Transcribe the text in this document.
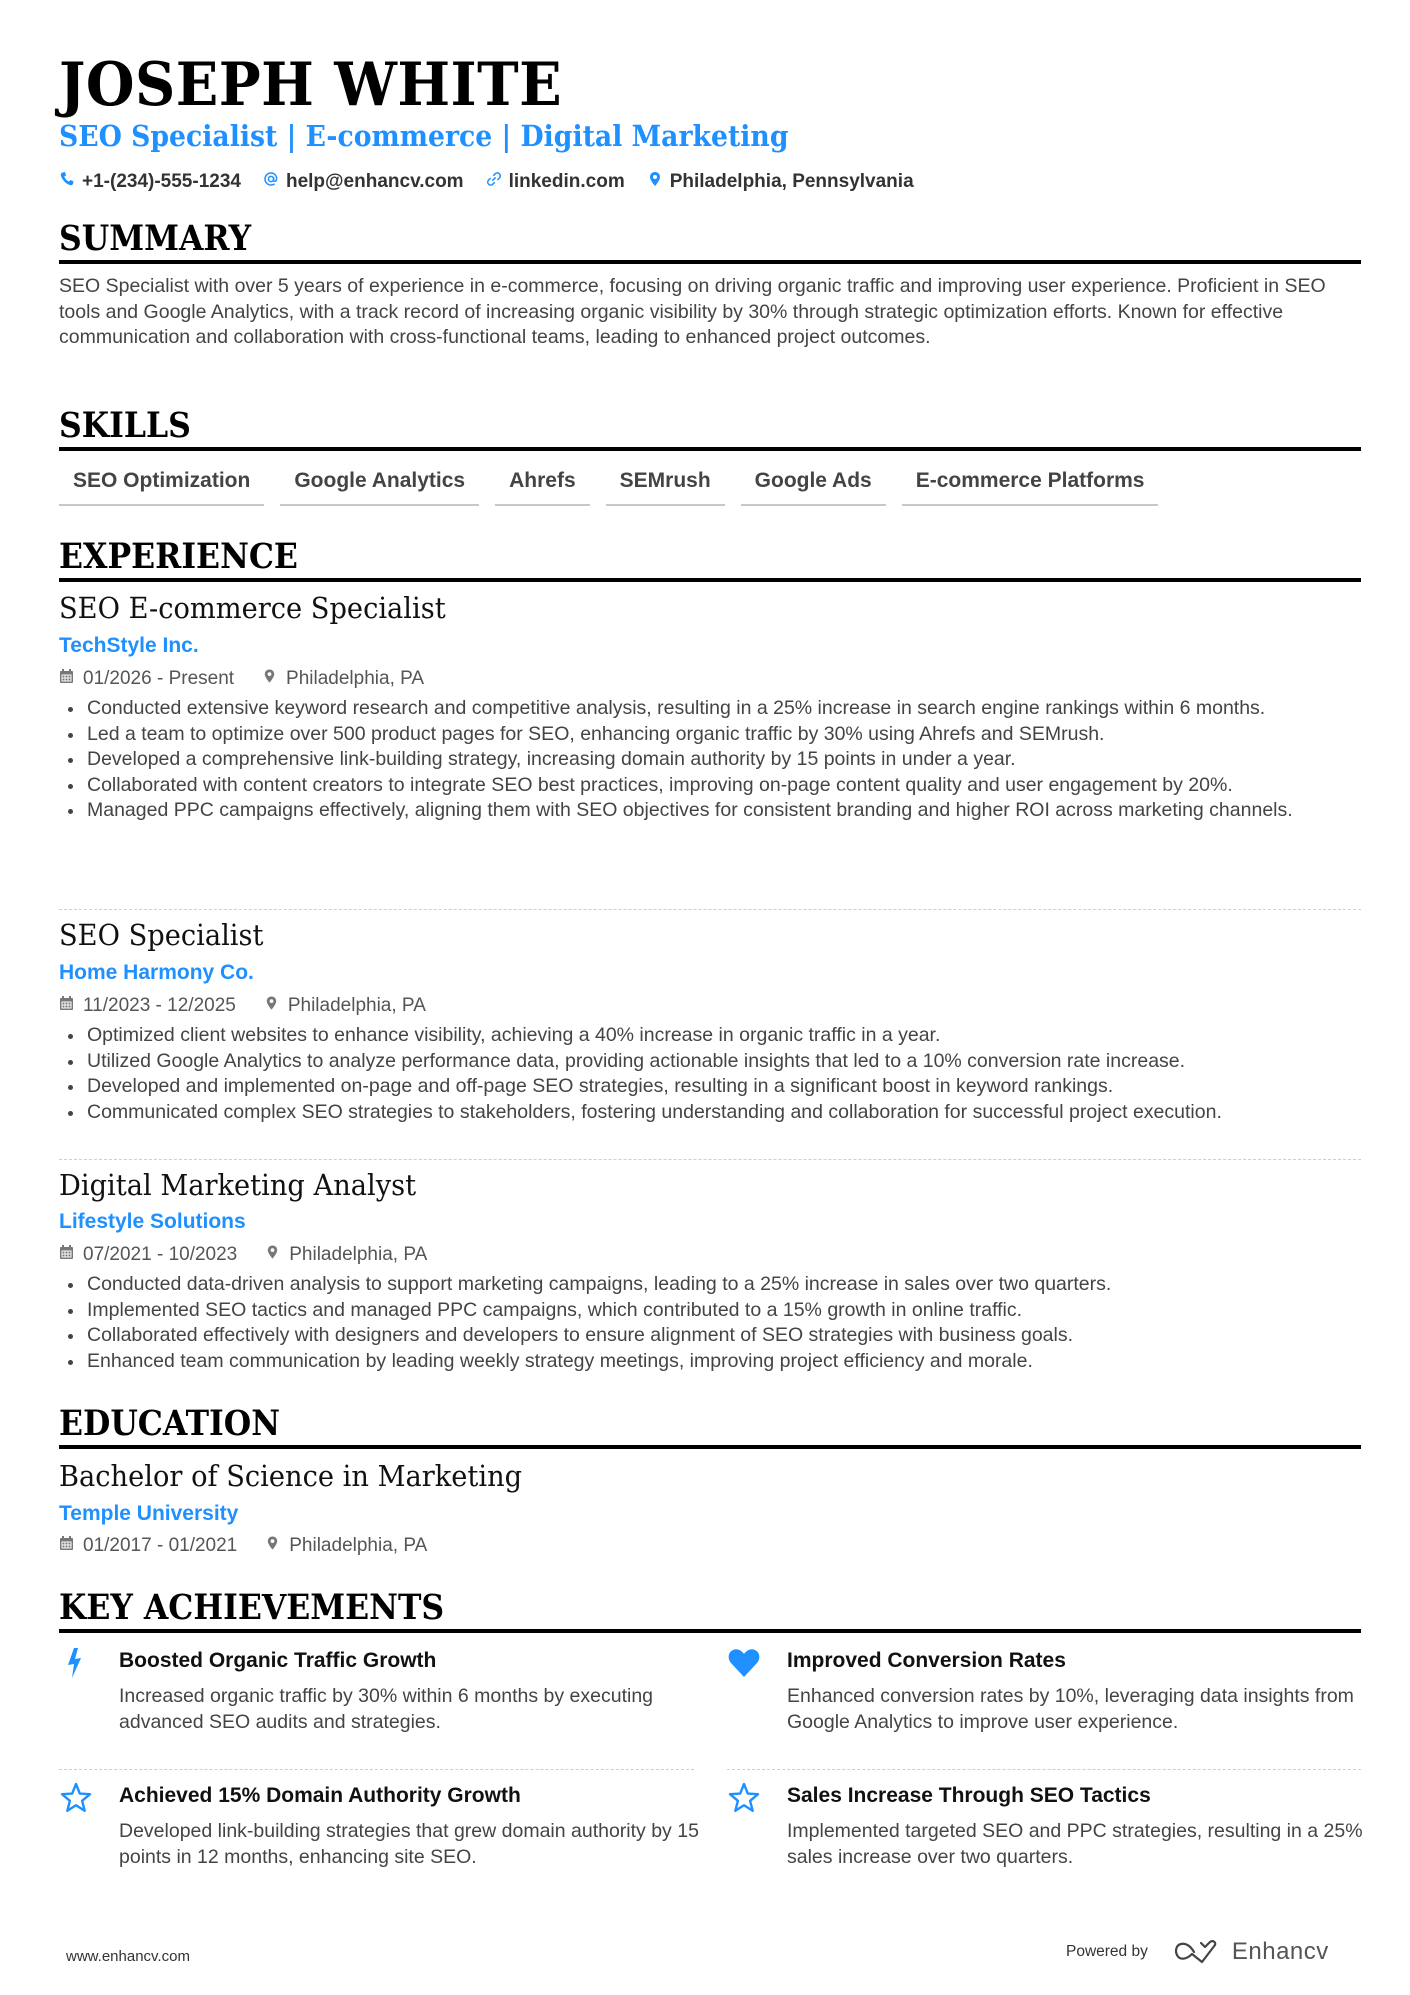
JOSEPH WHITE
SEO Specialist | E-commerce | Digital Marketing
+1-(234)-555-1234 help@enhancv.com linkedin.com Philadelphia, Pennsylvania
SUMMARY
SEO Specialist with over 5 years of experience in e-commerce, focusing on driving organic traffic and improving user experience. Proficient in SEO tools and Google Analytics, with a track record of increasing organic visibility by 30% through strategic optimization efforts. Known for effective communication and collaboration with cross-functional teams, leading to enhanced project outcomes.
SKILLS
SEO Optimization	Google Analytics	Ahrefs	SEMrush	Google Ads	E-commerce Platforms
EXPERIENCE
SEO E-commerce Specialist
TechStyle Inc.
01/2026 - Present	Philadelphia, PA
Conducted extensive keyword research and competitive analysis, resulting in a 25% increase in search engine rankings within 6 months.
Led a team to optimize over 500 product pages for SEO, enhancing organic traffic by 30% using Ahrefs and SEMrush.
Developed a comprehensive link-building strategy, increasing domain authority by 15 points in under a year.
Collaborated with content creators to integrate SEO best practices, improving on-page content quality and user engagement by 20%.
Managed PPC campaigns effectively, aligning them with SEO objectives for consistent branding and higher ROI across marketing channels.
SEO Specialist
Home Harmony Co.
11/2023 - 12/2025	Philadelphia, PA
Optimized client websites to enhance visibility, achieving a 40% increase in organic traffic in a year.
Utilized Google Analytics to analyze performance data, providing actionable insights that led to a 10% conversion rate increase.
Developed and implemented on-page and off-page SEO strategies, resulting in a significant boost in keyword rankings.
Communicated complex SEO strategies to stakeholders, fostering understanding and collaboration for successful project execution.
Digital Marketing Analyst
Lifestyle Solutions
07/2021 - 10/2023	Philadelphia, PA
Conducted data-driven analysis to support marketing campaigns, leading to a 25% increase in sales over two quarters.
Implemented SEO tactics and managed PPC campaigns, which contributed to a 15% growth in online traffic.
Collaborated effectively with designers and developers to ensure alignment of SEO strategies with business goals.
Enhanced team communication by leading weekly strategy meetings, improving project efficiency and morale.
EDUCATION
Bachelor of Science in Marketing
Temple University
01/2017 - 01/2021	Philadelphia, PA
KEY ACHIEVEMENTS
Boosted Organic Traffic Growth
Increased organic traffic by 30% within 6 months by executing advanced SEO audits and strategies.
Improved Conversion Rates
Enhanced conversion rates by 10%, leveraging data insights from Google Analytics to improve user experience.
Achieved 15% Domain Authority Growth
Developed link-building strategies that grew domain authority by 15 points in 12 months, enhancing site SEO.
Sales Increase Through SEO Tactics
Implemented targeted SEO and PPC strategies, resulting in a 25% sales increase over two quarters.
www.enhancv.com	Powered by	Enhancv
